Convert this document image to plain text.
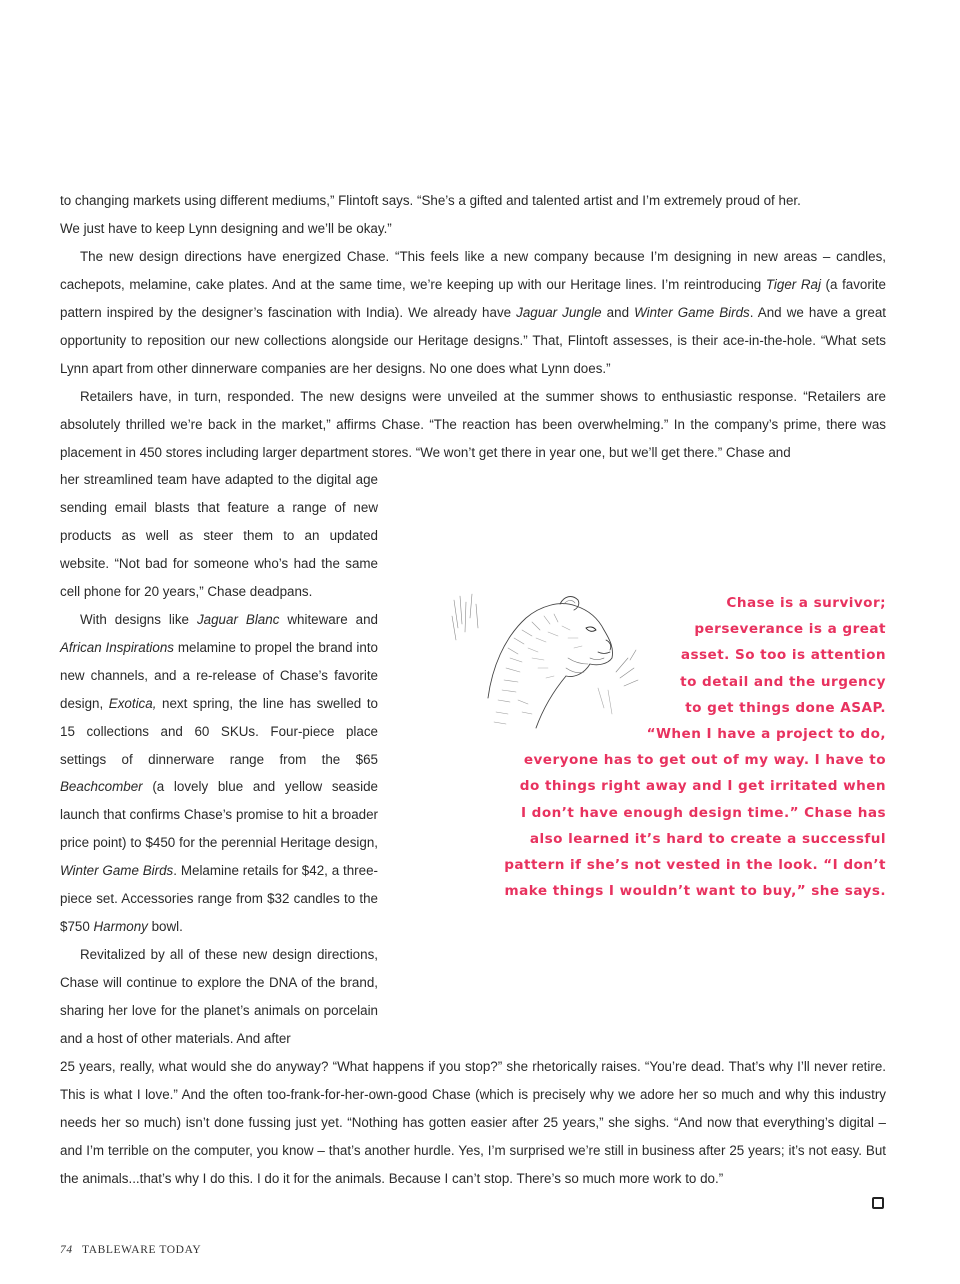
to changing markets using different mediums,” Flintoft says. “She’s a gifted and talented artist and I’m extremely proud of her.
We just have to keep Lynn designing and we’ll be okay.”

The new design directions have energized Chase. “This feels like a new company because I’m designing in new areas – candles, cachepots, melamine, cake plates. And at the same time, we’re keeping up with our Heritage lines. I’m reintroducing Tiger Raj (a favorite pattern inspired by the designer’s fascination with India). We already have Jaguar Jungle and Winter Game Birds. And we have a great opportunity to reposition our new collections alongside our Heritage designs.” That, Flintoft assesses, is their ace-in-the-hole. “What sets Lynn apart from other dinnerware companies are her designs. No one does what Lynn does.”

Retailers have, in turn, responded. The new designs were unveiled at the summer shows to enthusiastic response. “Retailers are absolutely thrilled we’re back in the market,” affirms Chase. “The reaction has been overwhelming.” In the company’s prime, there was placement in 450 stores including larger department stores. “We won’t get there in year one, but we’ll get there.” Chase and

her streamlined team have adapted to the digital age sending email blasts that feature a range of new products as well as steer them to an updated website. “Not bad for someone who’s had the same cell phone for 20 years,” Chase deadpans.

With designs like Jaguar Blanc whiteware and African Inspirations melamine to propel the brand into new channels, and a re-release of Chase’s favorite design, Exotica, next spring, the line has swelled to 15 collections and 60 SKUs. Four-piece place settings of dinnerware range from the $65 Beachcomber (a lovely blue and yellow seaside launch that confirms Chase’s promise to hit a broader price point) to $450 for the perennial Heritage design, Winter Game Birds. Melamine retails for $42, a three-piece set. Accessories range from $32 candles to the $750 Harmony bowl.

Revitalized by all of these new design directions, Chase will continue to explore the DNA of the brand, sharing her love for the planet’s animals on porcelain and a host of other materials. And after

25 years, really, what would she do anyway? “What happens if you stop?” she rhetorically raises. “You’re dead. That’s why I’ll never retire. This is what I love.” And the often too-frank-for-her-own-good Chase (which is precisely why we adore her so much and why this industry needs her so much) isn’t done fussing just yet. “Nothing has gotten easier after 25 years,” she sighs. “And now that everything’s digital – and I’m terrible on the computer, you know – that’s another hurdle. Yes, I’m surprised we’re still in business after 25 years; it’s not easy. But the animals...that’s why I do this. I do it for the animals. Because I can’t stop. There’s so much more work to do.”

Chase is a survivor;
perseverance is a great
asset. So too is attention
to detail and the urgency
to get things done ASAP.
“When I have a project to do,
everyone has to get out of my way. I have to
do things right away and I get irritated when
I don’t have enough design time.” Chase has
also learned it’s hard to create a successful
pattern if she’s not vested in the look. “I don’t
make things I wouldn’t want to buy,” she says.

74 TABLEWARE TODAY
